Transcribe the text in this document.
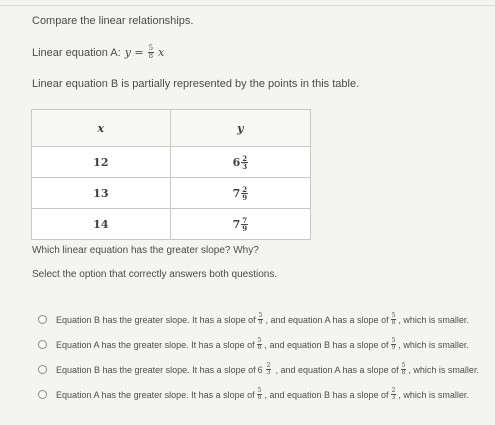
Compare the linear relationships.
Linear equation A: $y = \frac{5}{8}$ x
Linear equation B is partially represented by the points in this table.
x	y
12	$6 \frac{2}{3}$

13	$7 \frac{2}{9}$

14	$7 \frac{7}{9}$
Which linear equation has the greater slope? Why?
Select the option that correctly answers both questions.
Equation B has the greater slope. It has a slope of $\frac{5}{9}$ , and equation A has a slope of $\frac{5}{8}$ , which is smaller.
Equation A has the greater slope. It has a slope of $\frac{5}{8}$ , and equation B has a slope of $\frac{5}{9}$ , which is smaller.
Equation B has the greater slope. It has a slope of $6 \frac{2}{3}$ , and equation A has a slope of $\frac{5}{8}$ , which is smaller.
Equation A has the greater slope. It has a slope of $\frac{5}{8}$ , and equation B has a slope of $\frac{2}{3}$ , which is smaller.
